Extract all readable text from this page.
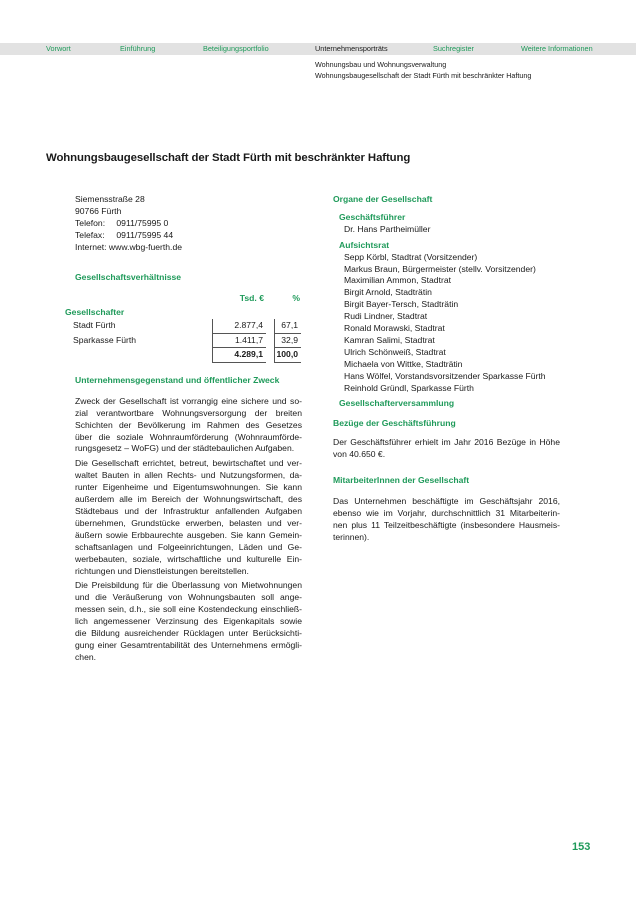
Vorwort	Einführung	Beteiligungsportfolio	Unternehmensporträts	Suchregister	Weitere Informationen
Wohnungsbau und Wohnungsverwaltung
Wohnungsbaugesellschaft der Stadt Fürth mit beschränkter Haftung
Wohnungsbaugesellschaft der Stadt Fürth mit beschränkter Haftung
Siemensstraße 28
90766 Fürth
Telefon: 0911/75995 0
Telefax: 0911/75995 44
Internet: www.wbg-fuerth.de
Gesellschaftsverhältnisse
	Tsd. €	%
Gesellschafter		
Stadt Fürth	2.877,4	67,1
Sparkasse Fürth	1.411,7	32,9
	4.289,1	100,0
Unternehmensgegenstand und öffentlicher Zweck
Zweck der Gesellschaft ist vorrangig eine sichere und so-
zial verantwortbare Wohnungsversorgung der breiten
Schichten der Bevölkerung im Rahmen des Gesetzes
über die soziale Wohnraumförderung (Wohnraumförde-
rungsgesetz – WoFG) und der städtebaulichen Aufgaben.
Die Gesellschaft errichtet, betreut, bewirtschaftet und ver-
waltet Bauten in allen Rechts- und Nutzungsformen, da-
runter Eigenheime und Eigentumswohnungen. Sie kann
außerdem alle im Bereich der Wohnungswirtschaft, des
Städtebaus und der Infrastruktur anfallenden Aufgaben
übernehmen, Grundstücke erwerben, belasten und ver-
äußern sowie Erbbaurechte ausgeben. Sie kann Gemein-
schaftsanlagen und Folgeeinrichtungen, Läden und Ge-
werbebauten, soziale, wirtschaftliche und kulturelle Ein-
richtungen und Dienstleistungen bereitstellen.
Die Preisbildung für die Überlassung von Mietwohnungen
und die Veräußerung von Wohnungsbauten soll ange-
messen sein, d.h., sie soll eine Kostendeckung einschließ-
lich angemessener Verzinsung des Eigenkapitals sowie
die Bildung ausreichender Rücklagen unter Berücksichti-
gung einer Gesamtrentabilität des Unternehmens ermögli-
chen.
Organe der Gesellschaft
Geschäftsführer
Dr. Hans Partheimüller
Aufsichtsrat
Sepp Körbl, Stadtrat (Vorsitzender)
Markus Braun, Bürgermeister (stellv. Vorsitzender)
Maximilian Ammon, Stadtrat
Birgit Arnold, Stadträtin
Birgit Bayer-Tersch, Stadträtin
Rudi Lindner, Stadtrat
Ronald Morawski, Stadtrat
Kamran Salimi, Stadtrat
Ulrich Schönweiß, Stadtrat
Michaela von Wittke, Stadträtin
Hans Wölfel, Vorstandsvorsitzender Sparkasse Fürth
Reinhold Gründl, Sparkasse Fürth
Gesellschafterversammlung
Bezüge der Geschäftsführung
Der Geschäftsführer erhielt im Jahr 2016 Bezüge in Höhe
von 40.650 €.
MitarbeiterInnen der Gesellschaft
Das Unternehmen beschäftigte im Geschäftsjahr 2016,
ebenso wie im Vorjahr, durchschnittlich 31 Mitarbeiterin-
nen plus 11 Teilzeitbeschäftigte (insbesondere Hausmeis-
terinnen).
153
